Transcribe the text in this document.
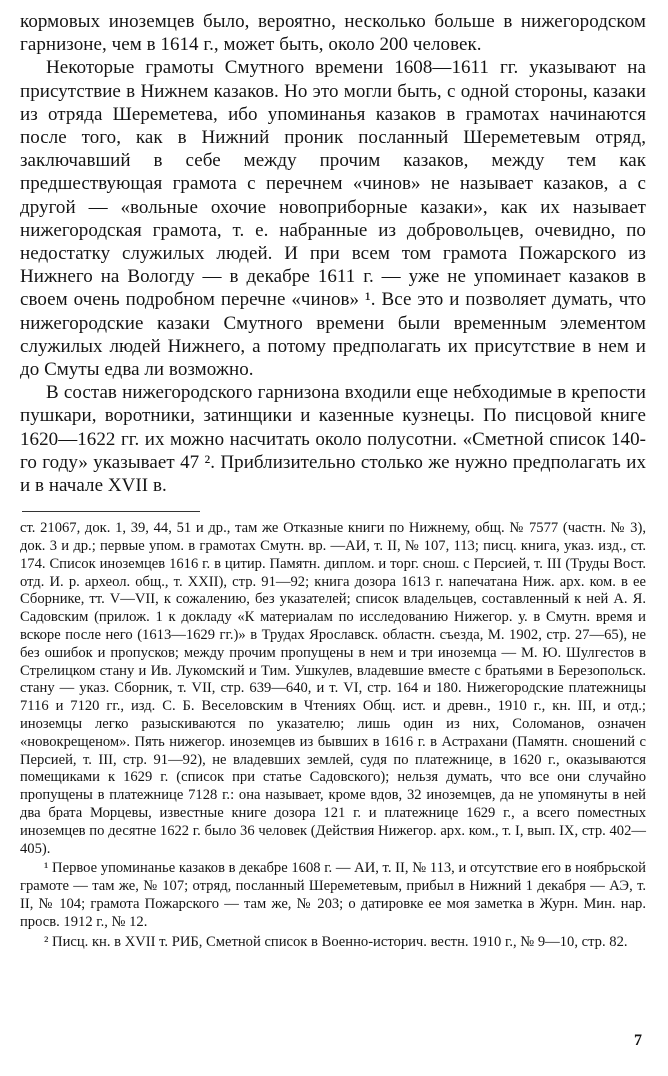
кормовых иноземцев было, вероятно, несколько больше в нижегородском гарнизоне, чем в 1614 г., может быть, около 200 человек.

Некоторые грамоты Смутного времени 1608—1611 гг. указывают на присутствие в Нижнем казаков. Но это могли быть, с одной стороны, казаки из отряда Шереметева, ибо упоминанья казаков в грамотах начинаются после того, как в Нижний проник посланный Шереметевым отряд, заключавший в себе между прочим казаков, между тем как предшествующая грамота с перечнем «чинов» не называет казаков, а с другой — «вольные охочие новоприборные казаки», как их называет нижегородская грамота, т. е. набранные из добровольцев, очевидно, по недостатку служилых людей. И при всем том грамота Пожарского из Нижнего на Вологду — в декабре 1611 г. — уже не упоминает казаков в своем очень подробном перечне «чинов» ¹. Все это и позволяет думать, что нижегородские казаки Смутного времени были временным элементом служилых людей Нижнего, а потому предполагать их присутствие в нем и до Смуты едва ли возможно.

В состав нижегородского гарнизона входили еще небходимые в крепости пушкари, воротники, затинщики и казенные кузнецы. По писцовой книге 1620—1622 гг. их можно насчитать около полусотни. «Сметной список 140-го году» указывает 47 ². Приблизительно столько же нужно предполагать их и в начале XVII в.

ст. 21067, док. 1, 39, 44, 51 и др., там же Отказные книги по Нижнему, общ. № 7577 (частн. № 3), док. 3 и др.; первые упом. в грамотах Смутн. вр. —АИ, т. II, № 107, 113; писц. книга, указ. изд., ст. 174. Список иноземцев 1616 г. в цитир. Памятн. диплом. и торг. снош. с Персией, т. III (Труды Вост. отд. И. р. археол. общ., т. XXII), стр. 91—92; книга дозора 1613 г. напечатана Ниж. арх. ком. в ее Сборнике, тт. V—VII, к сожалению, без указателей; список владельцев, составленный к ней А. Я. Садовским (прилож. 1 к докладу «К материалам по исследованию Нижегор. у. в Смутн. время и вскоре после него (1613—1629 гг.)» в Трудах Ярославск. областн. съезда, М. 1902, стр. 27—65), не без ошибок и пропусков; между прочим пропущены в нем и три иноземца — М. Ю. Шулгестов в Стрелицком стану и Ив. Лукомский и Тим. Ушкулев, владевшие вместе с братьями в Березопольск. стану — указ. Сборник, т. VII, стр. 639—640, и т. VI, стр. 164 и 180. Нижегородские платежницы 7116 и 7120 гг., изд. С. Б. Веселовским в Чтениях Общ. ист. и древн., 1910 г., кн. III, и отд.; иноземцы легко разыскиваются по указателю; лишь один из них, Соломанов, означен «новокрещеном». Пять нижегор. иноземцев из бывших в 1616 г. в Астрахани (Памятн. сношений с Персией, т. III, стр. 91—92), не владевших землей, судя по платежнице, в 1620 г., оказываются помещиками к 1629 г. (список при статье Садовского); нельзя думать, что все они случайно пропущены в платежнице 7128 г.: она называет, кроме вдов, 32 иноземцев, да не упомянуты в ней два брата Морцевы, известные книге дозора 121 г. и платежнице 1629 г., а всего поместных иноземцев по десятне 1622 г. было 36 человек (Действия Нижегор. арх. ком., т. I, вып. IX, стр. 402—405).

¹ Первое упоминанье казаков в декабре 1608 г. — АИ, т. II, № 113, и отсутствие его в ноябрьской грамоте — там же, № 107; отряд, посланный Шереметевым, прибыл в Нижний 1 декабря — АЭ, т. II, № 104; грамота Пожарского — там же, № 203; о датировке ее моя заметка в Журн. Мин. нар. просв. 1912 г., № 12.

² Писц. кн. в XVII т. РИБ, Сметной список в Военно-историч. вестн. 1910 г., № 9—10, стр. 82.

7
